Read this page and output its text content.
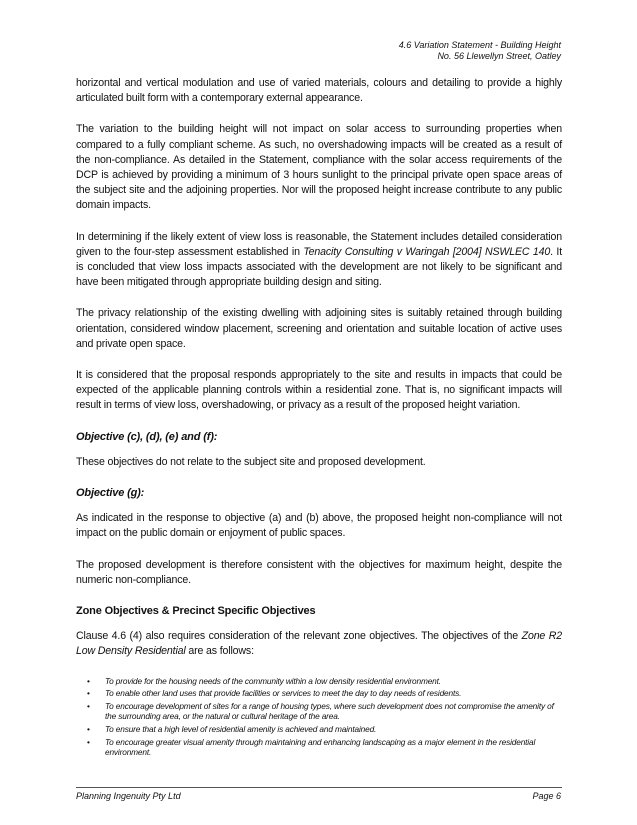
4.6 Variation Statement - Building Height
No. 56 Llewellyn Street, Oatley

horizontal and vertical modulation and use of varied materials, colours and detailing to provide a highly articulated built form with a contemporary external appearance.

The variation to the building height will not impact on solar access to surrounding properties when compared to a fully compliant scheme. As such, no overshadowing impacts will be created as a result of the non-compliance. As detailed in the Statement, compliance with the solar access requirements of the DCP is achieved by providing a minimum of 3 hours sunlight to the principal private open space areas of the subject site and the adjoining properties. Nor will the proposed height increase contribute to any public domain impacts.

In determining if the likely extent of view loss is reasonable, the Statement includes detailed consideration given to the four-step assessment established in Tenacity Consulting v Waringah [2004] NSWLEC 140. It is concluded that view loss impacts associated with the development are not likely to be significant and have been mitigated through appropriate building design and siting.

The privacy relationship of the existing dwelling with adjoining sites is suitably retained through building orientation, considered window placement, screening and orientation and suitable location of active uses and private open space.

It is considered that the proposal responds appropriately to the site and results in impacts that could be expected of the applicable planning controls within a residential zone. That is, no significant impacts will result in terms of view loss, overshadowing, or privacy as a result of the proposed height variation.

Objective (c), (d), (e) and (f):

These objectives do not relate to the subject site and proposed development.

Objective (g):

As indicated in the response to objective (a) and (b) above, the proposed height non-compliance will not impact on the public domain or enjoyment of public spaces.

The proposed development is therefore consistent with the objectives for maximum height, despite the numeric non-compliance.

Zone Objectives & Precinct Specific Objectives

Clause 4.6 (4) also requires consideration of the relevant zone objectives. The objectives of the Zone R2 Low Density Residential are as follows:

• To provide for the housing needs of the community within a low density residential environment.
• To enable other land uses that provide facilities or services to meet the day to day needs of residents.
• To encourage development of sites for a range of housing types, where such development does not compromise the amenity of the surrounding area, or the natural or cultural heritage of the area.
• To ensure that a high level of residential amenity is achieved and maintained.
• To encourage greater visual amenity through maintaining and enhancing landscaping as a major element in the residential environment.
Planning Ingenuity Pty Ltd	Page 6
